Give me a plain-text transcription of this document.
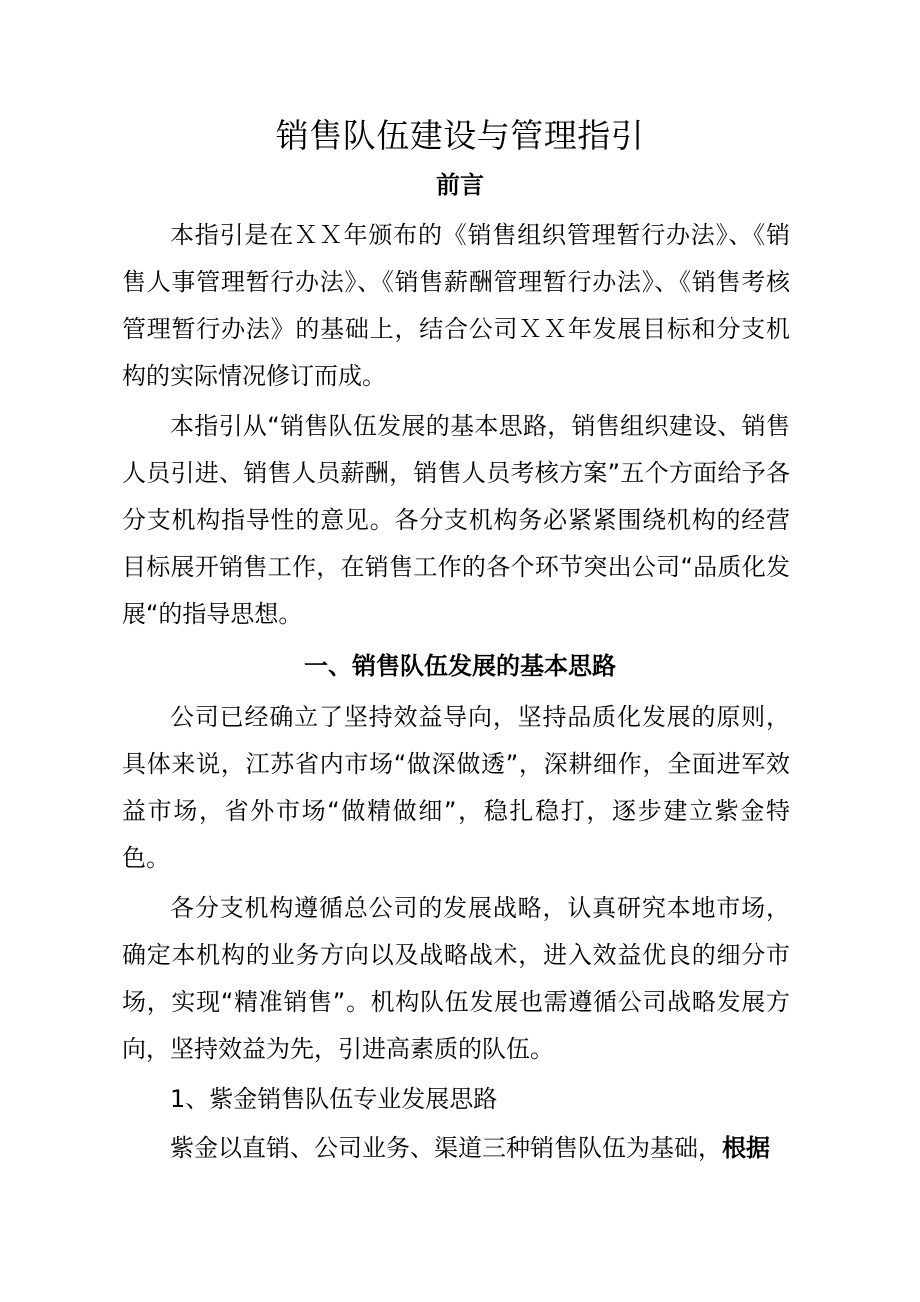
销售队伍建设与管理指引
前言

本指引是在ＸＸ年颁布的《销售组织管理暂行办法》、《销售人事管理暂行办法》、《销售薪酬管理暂行办法》、《销售考核管理暂行办法》的基础上，结合公司ＸＸ年发展目标和分支机构的实际情况修订而成。

本指引从“销售队伍发展的基本思路，销售组织建设、销售人员引进、销售人员薪酬，销售人员考核方案”五个方面给予各分支机构指导性的意见。各分支机构务必紧紧围绕机构的经营目标展开销售工作，在销售工作的各个环节突出公司“品质化发展“的指导思想。

一、销售队伍发展的基本思路

公司已经确立了坚持效益导向，坚持品质化发展的原则，具体来说，江苏省内市场“做深做透”，深耕细作，全面进军效益市场，省外市场“做精做细”，稳扎稳打，逐步建立紫金特色。

各分支机构遵循总公司的发展战略，认真研究本地市场，确定本机构的业务方向以及战略战术，进入效益优良的细分市场，实现“精准销售”。机构队伍发展也需遵循公司战略发展方向，坚持效益为先，引进高素质的队伍。

1、紫金销售队伍专业发展思路

紫金以直销、公司业务、渠道三种销售队伍为基础，根据
